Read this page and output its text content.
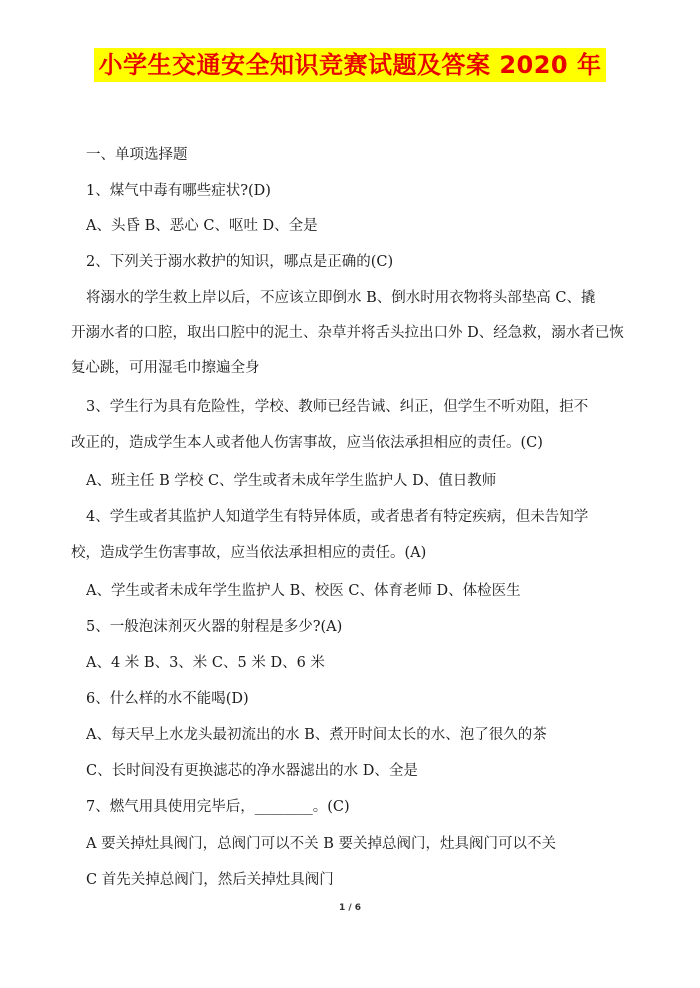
小学生交通安全知识竞赛试题及答案 2020 年
一、单项选择题
1、煤气中毒有哪些症状?(D)
A、头昏 B、恶心 C、呕吐 D、全是
2、下列关于溺水救护的知识，哪点是正确的(C)
将溺水的学生救上岸以后，不应该立即倒水 B、倒水时用衣物将头部垫高 C、撬
开溺水者的口腔，取出口腔中的泥土、杂草并将舌头拉出口外 D、经急救，溺水者已恢
复心跳，可用湿毛巾擦遍全身
3、学生行为具有危险性，学校、教师已经告诫、纠正，但学生不听劝阻，拒不
改正的，造成学生本人或者他人伤害事故，应当依法承担相应的责任。(C)
A、班主任 B 学校 C、学生或者未成年学生监护人 D、值日教师
4、学生或者其监护人知道学生有特异体质，或者患者有特定疾病，但未告知学
校，造成学生伤害事故，应当依法承担相应的责任。(A)
A、学生或者未成年学生监护人 B、校医 C、体育老师 D、体检医生
5、一般泡沫剂灭火器的射程是多少?(A)
A、4 米 B、3、米 C、5 米 D、6 米
6、什么样的水不能喝(D)
A、每天早上水龙头最初流出的水 B、煮开时间太长的水、泡了很久的茶
C、长时间没有更换滤芯的净水器滤出的水 D、全是
7、燃气用具使用完毕后，________。(C)
A 要关掉灶具阀门，总阀门可以不关 B 要关掉总阀门，灶具阀门可以不关
C 首先关掉总阀门，然后关掉灶具阀门
1 / 6
